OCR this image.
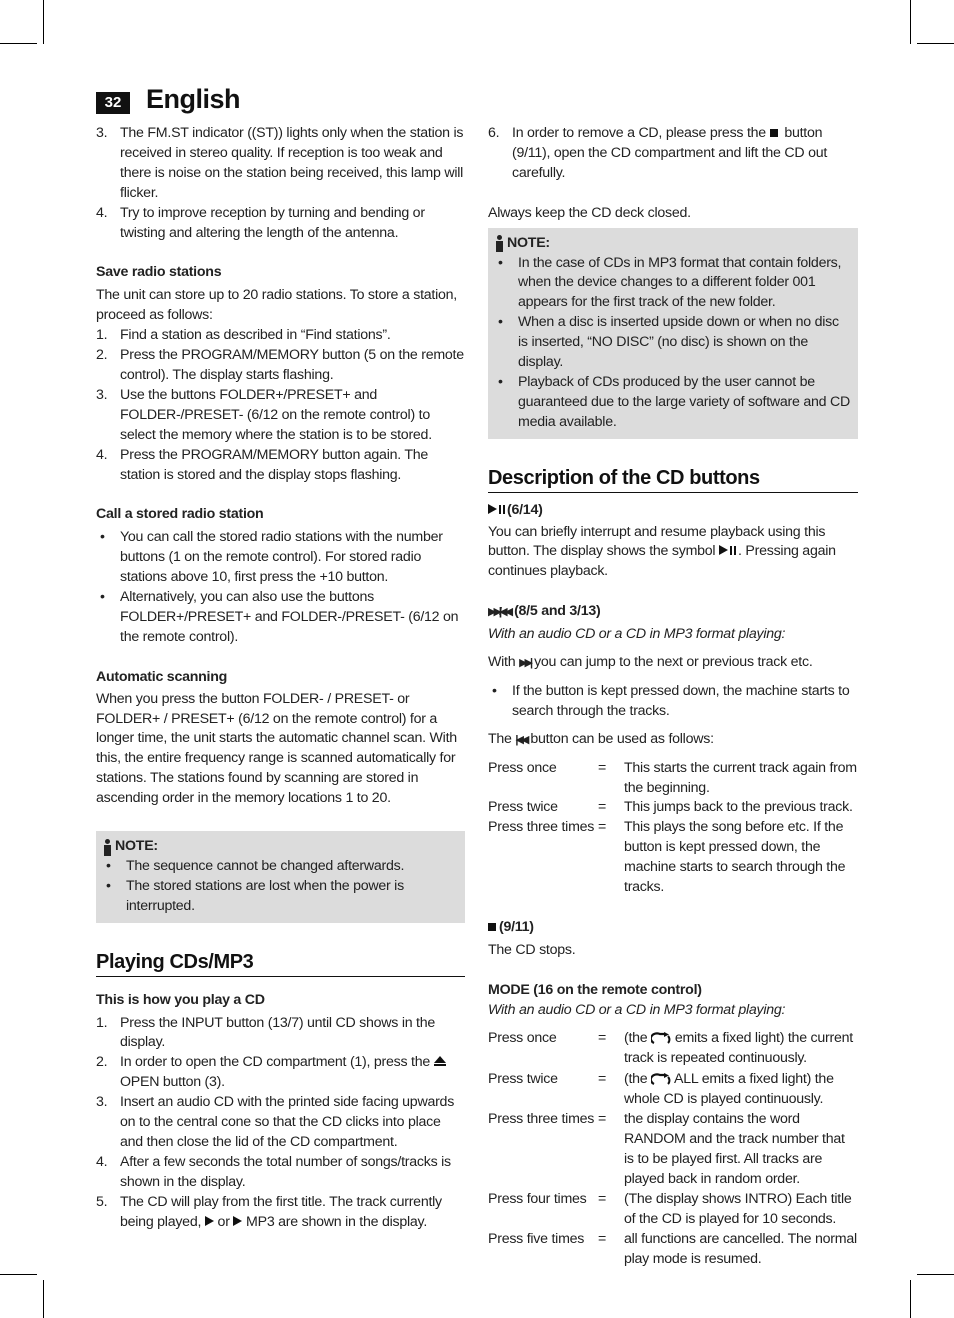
32 English
3. The FM.ST indicator ((ST)) lights only when the station is received in stereo quality. If reception is too weak and there is noise on the station being received, this lamp will flicker.
4. Try to improve reception by turning and bending or twisting and altering the length of the antenna.

Save radio stations

The unit can store up to 20 radio stations. To store a station, proceed as follows:

1. Find a station as described in “Find stations”.
2. Press the PROGRAM/MEMORY button (5 on the remote control). The display starts flashing.
3. Use the buttons FOLDER+/PRESET+ and FOLDER-/PRESET- (6/12 on the remote control) to select the memory where the station is to be stored.
4. Press the PROGRAM/MEMORY button again. The station is stored and the display stops flashing.

Call a stored radio station

• You can call the stored radio stations with the number buttons (1 on the remote control). For stored radio stations above 10, first press the +10 button.
• Alternatively, you can also use the buttons FOLDER+/PRESET+ and FOLDER-/PRESET- (6/12 on the remote control).

Automatic scanning

When you press the button FOLDER- / PRESET- or FOLDER+ / PRESET+ (6/12 on the remote control) for a longer time, the unit starts the automatic channel scan. With this, the entire frequency range is scanned automatically for stations. The stations found by scanning are stored in ascending order in the memory locations 1 to 20.

NOTE:
• The sequence cannot be changed afterwards.
• The stored stations are lost when the power is interrupted.
Playing CDs/MP3

This is how you play a CD

1. Press the INPUT button (13/7) until CD shows in the display.
2. In order to open the CD compartment (1), press the  OPEN button (3).
3. Insert an audio CD with the printed side facing upwards on to the central cone so that the CD clicks into place and then close the lid of the CD compartment.
4. After a few seconds the total number of songs/tracks is shown in the display.
5. The CD will play from the first title. The track currently being played,  or  MP3 are shown in the display.
6. In order to remove a CD, please press the  button (9/11), open the CD compartment and lift the CD out carefully.

Always keep the CD deck closed.

NOTE:
• In the case of CDs in MP3 format that contain folders, when the device changes to a different folder 001 appears for the first track of the new folder.
• When a disc is inserted upside down or when no disc is inserted, “NO DISC” (no disc) is shown on the display.
• Playback of CDs produced by the user cannot be guaranteed due to the large variety of software and CD media available.
Description of the CD buttons

(6/14)

You can briefly interrupt and resume playback using this button. The display shows the symbol . Pressing again continues playback.

▶▶|/|◀◀ (8/5 and 3/13)

With an audio CD or a CD in MP3 format playing:

With ▶▶| you can jump to the next or previous track etc.

• If the button is kept pressed down, the machine starts to search through the tracks.

The |◀◀ button can be used as follows:

Press once	=	This starts the current track again from the beginning.
Press twice	=	This jumps back to the previous track.
Press three times =	This plays the song before etc. If the button is kept pressed down, the machine starts to search through the tracks.

(9/11)

The CD stops.

MODE (16 on the remote control)

With an audio CD or a CD in MP3 format playing:

Press once	=	(the  emits a fixed light) the current track is repeated continuously.
Press twice	=	(the  ALL emits a fixed light) the whole CD is played continuously.
Press three times =	the display contains the word RANDOM and the track number that is to be played first. All tracks are played back in random order.
Press four times =	(The display shows INTRO) Each title of the CD is played for 10 seconds.
Press five times =	all functions are cancelled. The normal play mode is resumed.
